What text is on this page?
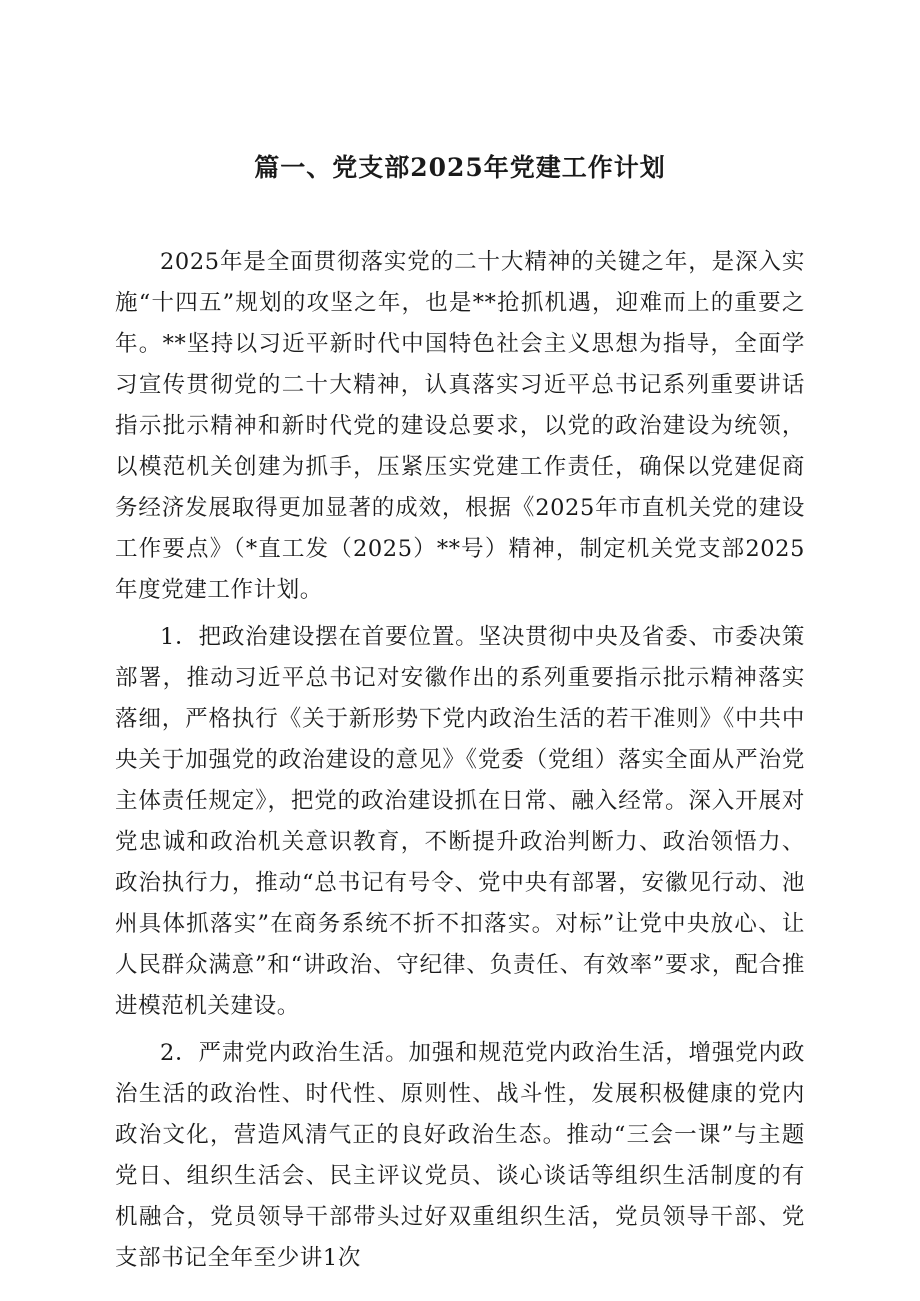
篇一、党支部2025年党建工作计划

2025年是全面贯彻落实党的二十大精神的关键之年，是深入实施“十四五”规划的攻坚之年，也是**抢抓机遇，迎难而上的重要之年。**坚持以习近平新时代中国特色社会主义思想为指导，全面学习宣传贯彻党的二十大精神，认真落实习近平总书记系列重要讲话指示批示精神和新时代党的建设总要求，以党的政治建设为统领，以模范机关创建为抓手，压紧压实党建工作责任，确保以党建促商务经济发展取得更加显著的成效，根据《2025年市直机关党的建设工作要点》（*直工发（2025）**号）精神，制定机关党支部2025年度党建工作计划。

1．把政治建设摆在首要位置。坚决贯彻中央及省委、市委决策部署，推动习近平总书记对安徽作出的系列重要指示批示精神落实落细，严格执行《关于新形势下党内政治生活的若干准则》《中共中央关于加强党的政治建设的意见》《党委（党组）落实全面从严治党主体责任规定》，把党的政治建设抓在日常、融入经常。深入开展对党忠诚和政治机关意识教育，不断提升政治判断力、政治领悟力、政治执行力，推动“总书记有号令、党中央有部署，安徽见行动、池州具体抓落实”在商务系统不折不扣落实。对标”让党中央放心、让人民群众满意”和“讲政治、守纪律、负责任、有效率”要求，配合推进模范机关建设。

2．严肃党内政治生活。加强和规范党内政治生活，增强党内政治生活的政治性、时代性、原则性、战斗性，发展积极健康的党内政治文化，营造风清气正的良好政治生态。推动“三会一课”与主题党日、组织生活会、民主评议党员、谈心谈话等组织生活制度的有机融合，党员领导干部带头过好双重组织生活，党员领导干部、党支部书记全年至少讲1次
